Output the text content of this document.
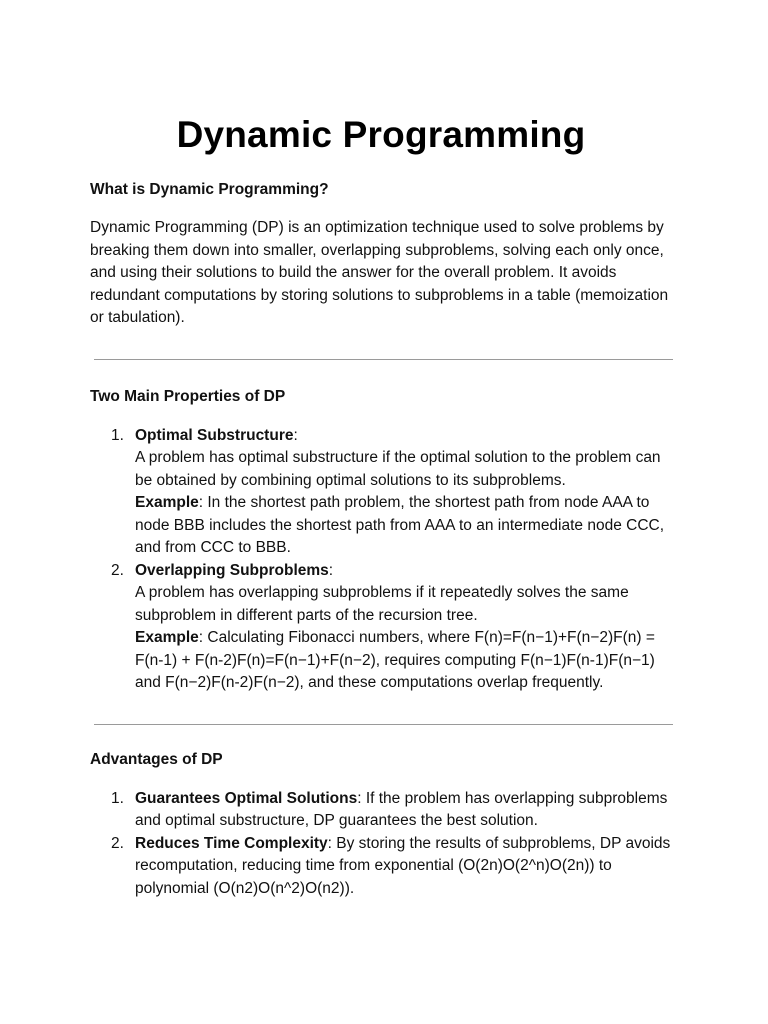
Dynamic Programming

What is Dynamic Programming?

Dynamic Programming (DP) is an optimization technique used to solve problems by breaking them down into smaller, overlapping subproblems, solving each only once, and using their solutions to build the answer for the overall problem. It avoids redundant computations by storing solutions to subproblems in a table (memoization or tabulation).

Two Main Properties of DP

1. Optimal Substructure:
A problem has optimal substructure if the optimal solution to the problem can be obtained by combining optimal solutions to its subproblems.
Example: In the shortest path problem, the shortest path from node AAA to node BBB includes the shortest path from AAA to an intermediate node CCC, and from CCC to BBB.
2. Overlapping Subproblems:
A problem has overlapping subproblems if it repeatedly solves the same subproblem in different parts of the recursion tree.
Example: Calculating Fibonacci numbers, where F(n)=F(n−1)+F(n−2)F(n) = F(n-1) + F(n-2)F(n)=F(n−1)+F(n−2), requires computing F(n−1)F(n-1)F(n−1) and F(n−2)F(n-2)F(n−2), and these computations overlap frequently.

Advantages of DP

1. Guarantees Optimal Solutions: If the problem has overlapping subproblems and optimal substructure, DP guarantees the best solution.
2. Reduces Time Complexity: By storing the results of subproblems, DP avoids recomputation, reducing time from exponential (O(2n)O(2^n)O(2n)) to polynomial (O(n2)O(n^2)O(n2)).
